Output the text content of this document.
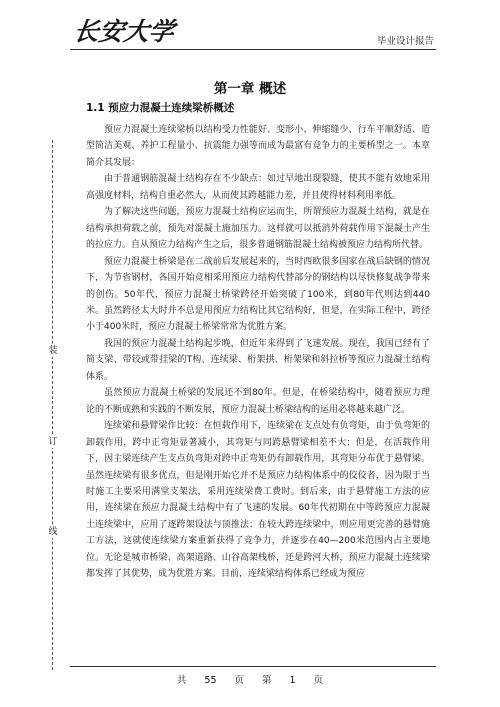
长安大学	毕业设计报告
装
订
线
第一章 概述
1.1 预应力混凝土连续梁桥概述

预应力混凝土连续梁桥以结构受力性能好、变形小、伸缩缝少、行车平顺舒适、造型简洁美观、养护工程量小、抗震能力强等而成为最富有竞争力的主要桥型之一。本章简介其发展：

由于普通钢筋混凝土结构存在不少缺点：如过早地出现裂缝，使其不能有效地采用高强度材料，结构自重必然大，从而使其跨越能力差，并且使得材料利用率低。

为了解决这些问题，预应力混凝土结构应运而生，所谓预应力混凝土结构，就是在结构承担荷载之前，预先对混凝土施加压力。这样就可以抵消外荷载作用下混凝土产生的拉应力。自从预应力结构产生之后，很多普通钢筋混凝土结构被预应力结构所代替。

预应力混凝土桥梁是在二战前后发展起来的，当时西欧很多国家在战后缺钢的情况下，为节省钢材，各国开始竞相采用预应力结构代替部分的钢结构以尽快修复战争带来的创伤。50年代，预应力混凝土桥梁跨径开始突破了100米，到80年代则达到440米。虽然跨径太大时并不总是用预应力结构比其它结构好，但是，在实际工程中，跨径小于400米时，预应力混凝土桥梁常常为优胜方案。

我国的预应力混凝土结构起步晚，但近年来得到了飞速发展。现在，我国已经有了简支梁、带铰或带挂梁的T构、连续梁、桁架拱、桁架梁和斜拉桥等预应力混凝土结构体系。

虽然预应力混凝土桥梁的发展还不到80年。但是，在桥梁结构中，随着预应力理论的不断成熟和实践的不断发展，预应力混凝土桥梁结构的运用必将越来越广泛。

连续梁和悬臂梁作比较：在恒载作用下，连续梁在支点处有负弯矩，由于负弯矩的卸载作用，跨中正弯矩显著减小，其弯矩与同跨悬臂梁相差不大；但是，在活载作用下，因主梁连续产生支点负弯矩对跨中正弯矩仍有卸载作用，其弯矩分布优于悬臂梁。虽然连续梁有很多优点，但是刚开始它并不是预应力结构体系中的佼佼者，因为限于当时施工主要采用满堂支架法，采用连续梁费工费时。到后来，由于悬臂施工方法的应用，连续梁在预应力混凝土结构中有了飞速的发展。60年代初期在中等跨预应力混凝土连续梁中，应用了逐跨架设法与顶推法；在较大跨连续梁中，则应用更完善的悬臂施工方法，这就使连续梁方案重新获得了竞争力，并逐步在40—200米范围内占主要地位。无论是城市桥梁、高架道路、山谷高架栈桥，还是跨河大桥，预应力混凝土连续梁都发挥了其优势，成为优胜方案。目前，连续梁结构体系已经成为预应

共 55 页 第 1 页
